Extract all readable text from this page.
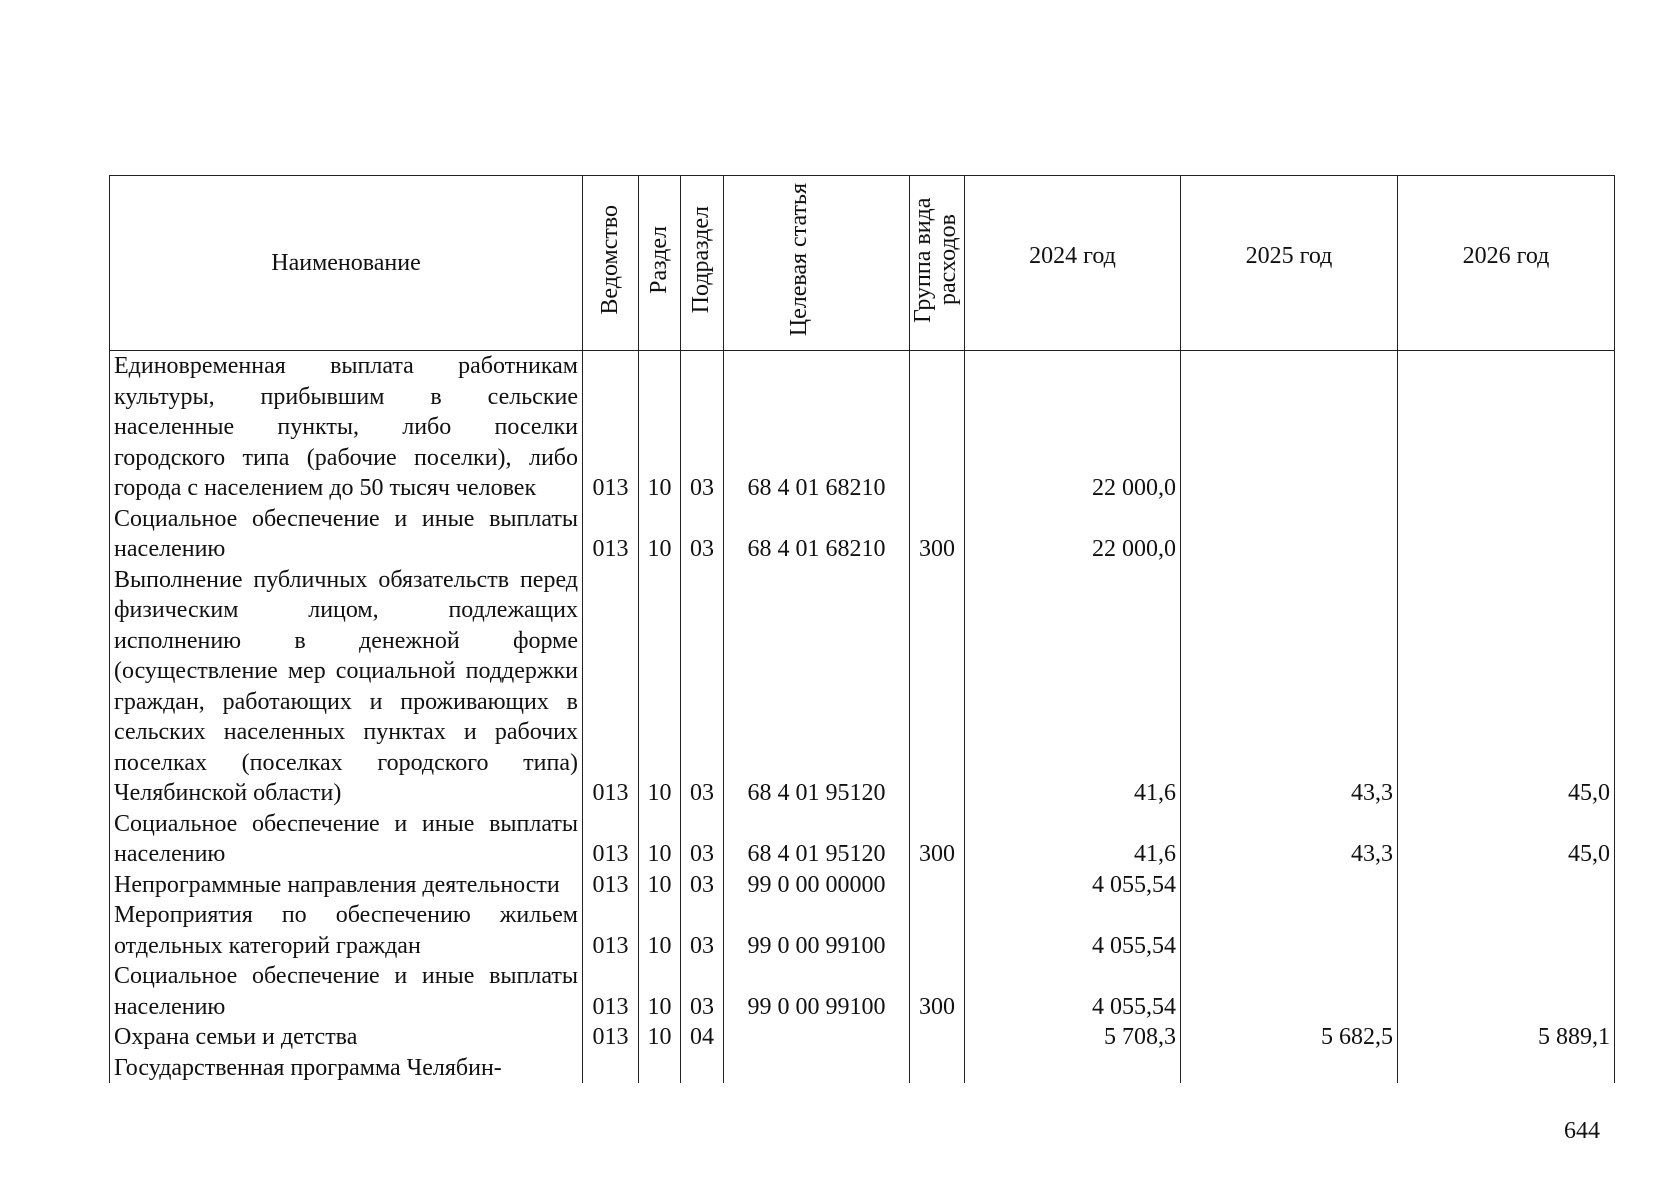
Наименование	Ведомство	Раздел	Подраздел	Целевая статья	Группа вида расходов	2024 год	2025 год	2026 год
Единовременная выплата работникам культуры, прибывшим в сельские населенные пункты, либо поселки городского типа (рабочие поселки), либо города с населением до 50 тысяч человек	013	10	03	68 4 01 68210		22 000,0		
Социальное обеспечение и иные выплаты населению	013	10	03	68 4 01 68210	300	22 000,0		
Выполнение публичных обязательств перед физическим лицом, подлежащих исполнению в денежной форме (осуществление мер социальной поддержки граждан, работающих и проживающих в сельских населенных пунктах и рабочих поселках (поселках городского типа) Челябинской области)	013	10	03	68 4 01 95120		41,6	43,3	45,0
Социальное обеспечение и иные выплаты населению	013	10	03	68 4 01 95120	300	41,6	43,3	45,0
Непрограммные направления деятельности	013	10	03	99 0 00 00000		4 055,54		
Мероприятия по обеспечению жильем отдельных категорий граждан	013	10	03	99 0 00 99100		4 055,54		
Социальное обеспечение и иные выплаты населению	013	10	03	99 0 00 99100	300	4 055,54		
Охрана семьи и детства	013	10	04			5 708,3	5 682,5	5 889,1
Государственная программа Челябин-								
644
